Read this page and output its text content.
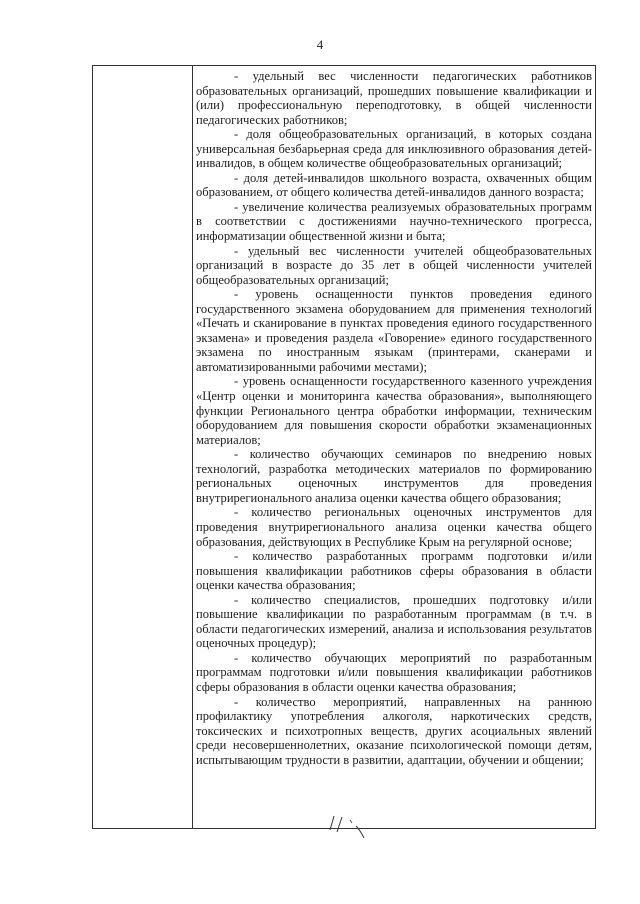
4

- удельный вес численности педагогических работников образовательных организаций, прошедших повышение квалификации и (или) профессиональную переподготовку, в общей численности педагогических работников;

- доля общеобразовательных организаций, в которых создана универсальная безбарьерная среда для инклюзивного образования детей-инвалидов, в общем количестве общеобразовательных организаций;

- доля детей-инвалидов школьного возраста, охваченных общим образованием, от общего количества детей-инвалидов данного возраста;

- увеличение количества реализуемых образовательных программ в соответствии с достижениями научно-технического прогресса, информатизации общественной жизни и быта;

- удельный вес численности учителей общеобразовательных организаций в возрасте до 35 лет в общей численности учителей общеобразовательных организаций;

- уровень оснащенности пунктов проведения единого государственного экзамена оборудованием для применения технологий «Печать и сканирование в пунктах проведения единого государственного экзамена» и проведения раздела «Говорение» единого государственного экзамена по иностранным языкам (принтерами, сканерами и автоматизированными рабочими местами);

- уровень оснащенности государственного казенного учреждения «Центр оценки и мониторинга качества образования», выполняющего функции Регионального центра обработки информации, техническим оборудованием для повышения скорости обработки экзаменационных материалов;

- количество обучающих семинаров по внедрению новых технологий, разработка методических материалов по формированию региональных оценочных инструментов для проведения внутрирегионального анализа оценки качества общего образования;

- количество региональных оценочных инструментов для проведения внутрирегионального анализа оценки качества общего образования, действующих в Республике Крым на регулярной основе;

- количество разработанных программ подготовки и/или повышения квалификации работников сферы образования в области оценки качества образования;

- количество специалистов, прошедших подготовку и/или повышение квалификации по разработанным программам (в т.ч. в области педагогических измерений, анализа и использования результатов оценочных процедур);

- количество обучающих мероприятий по разработанным программам подготовки и/или повышения квалификации работников сферы образования в области оценки качества образования;

- количество мероприятий, направленных на раннюю профилактику употребления алкоголя, наркотических средств, токсических и психотропных веществ, других асоциальных явлений среди несовершеннолетних, оказание психологической помощи детям, испытывающим трудности в развитии, адаптации, обучении и общении;
